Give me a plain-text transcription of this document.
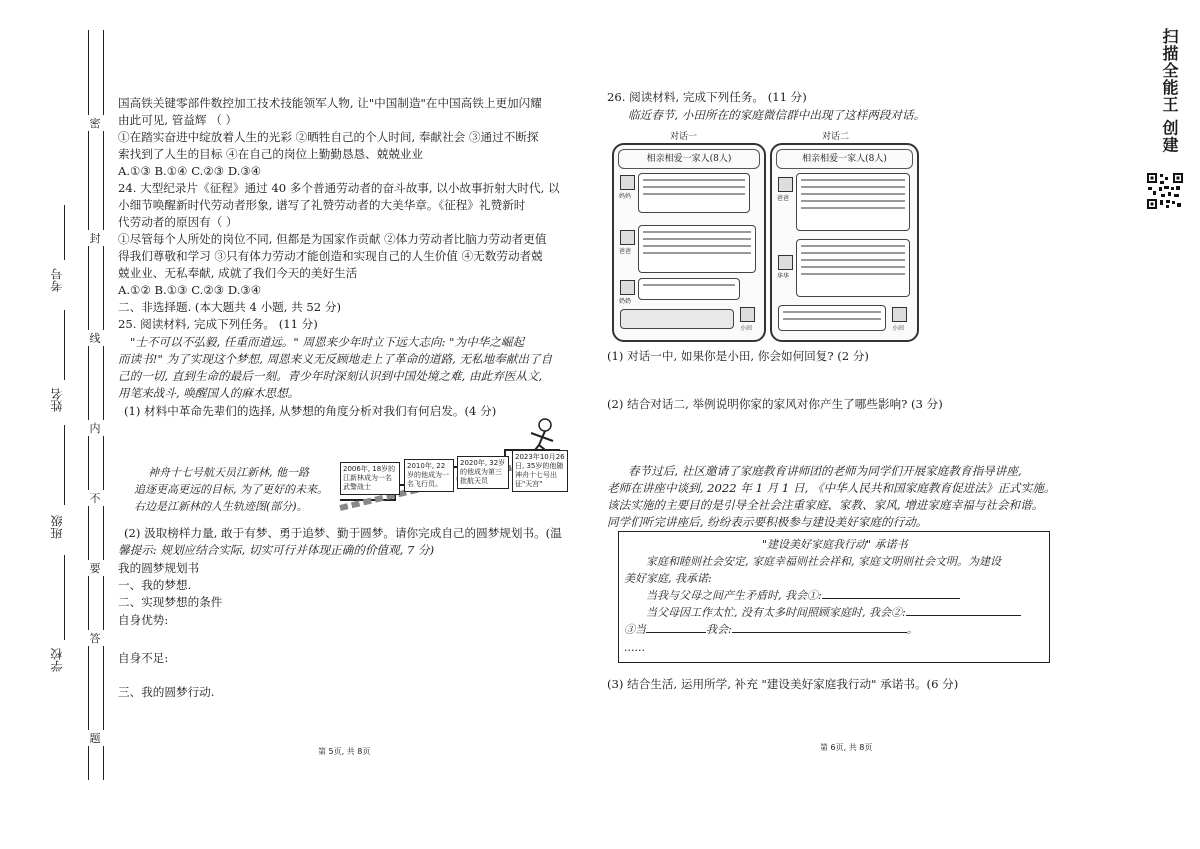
密
封
线
内
不
要
答
题
考号
姓名
班级
学校
国高铁关键零部件数控加工技术技能领军人物, 让"中国制造"在中国高铁上更加闪耀
由此可见, 管益辉 （ ）
①在踏实奋进中绽放着人生的光彩 ②晒牲自己的个人时间, 奉献社会 ③通过不断探
索找到了人生的目标 ④在自己的岗位上勤勤恳恳、兢兢业业
A.①③ B.①④ C.②③ D.③④
24. 大型纪录片《征程》通过 40 多个普通劳动者的奋斗故事, 以小故事折射大时代, 以
小细节唤醒新时代劳动者形象, 谱写了礼赞劳动者的大美华章。《征程》礼赞新时
代劳动者的原因有（ ）
①尽管每个人所处的岗位不同, 但都是为国家作贡献 ②体力劳动者比脑力劳动者更值
得我们尊敬和学习 ③只有体力劳动才能创造和实现自己的人生价值 ④无数劳动者兢
兢业业、无私奉献, 成就了我们今天的美好生活
A.①② B.①③ C.②③ D.③④
二、非选择题. (本大题共 4 小题, 共 52 分)
25. 阅读材料, 完成下列任务。 (11 分)
"士不可以不弘毅, 任重而道远。" 周恩来少年时立下远大志向: "为中华之崛起
而读书!" 为了实现这个梦想, 周恩来义无反顾地走上了革命的道路, 无私地奉献出了自
己的一切, 直到生命的最后一刻。青少年时深刻认识到中国处境之难, 由此弃医从文,
用笔来战斗, 唤醒国人的麻木思想。
(1) 材料中革命先辈们的选择, 从梦想的角度分析对我们有何启发。(4 分)
神舟十七号航天员江新林, 他一路
追逐更高更远的目标, 为了更好的未来。
右边是江新林的人生轨迹图(部分)。
2006年, 18岁的江新林成为一名武警战士
2010年, 22岁的他成为一名飞行员。
2020年, 32岁的他成为第三批航天员
2023年10月26日, 35岁的他随神舟十七号出征"天宫"
(2) 汲取榜样力量, 敢于有梦、勇于追梦、勤于圆梦。请你完成自己的圆梦规划书。(温
馨提示: 规划应结合实际, 切实可行并体现正确的价值观, 7 分)
我的圆梦规划书
一、我的梦想.
二、实现梦想的条件
自身优势:
自身不足:
三、我的圆梦行动.
第 5页, 共 8页
26. 阅读材料, 完成下列任务。 (11 分)
临近春节, 小田所在的家庭微信群中出现了这样两段对话。
对话一	对话二
相亲相爱一家人(8人)
妈妈
爸爸
奶奶
小田
相亲相爱一家人(8人)
爸爸
华华
小田
(1) 对话一中, 如果你是小田, 你会如何回复? (2 分)
(2) 结合对话二, 举例说明你家的家风对你产生了哪些影响? (3 分)
春节过后, 社区邀请了家庭教育讲师团的老师为同学们开展家庭教育指导讲座,
老师在讲座中谈到, 2022 年 1 月 1 日, 《中华人民共和国家庭教育促进法》正式实施。
该法实施的主要目的是引导全社会注重家庭、家教、家风, 增进家庭幸福与社会和谐。
同学们听完讲座后, 纷纷表示要积极参与建设美好家庭的行动。
"建设美好家庭我行动" 承诺书
家庭和睦则社会安定, 家庭幸福则社会祥和, 家庭文明则社会文明。为建设
美好家庭, 我承诺:
当我与父母之间产生矛盾时, 我会①:
当父母因工作太忙, 没有太多时间照顾家庭时, 我会②:
③当	我会:	。
......
(3) 结合生活, 运用所学, 补充 "建设美好家庭我行动" 承诺书。(6 分)
第 6页, 共 8页
扫描全能王 创建
